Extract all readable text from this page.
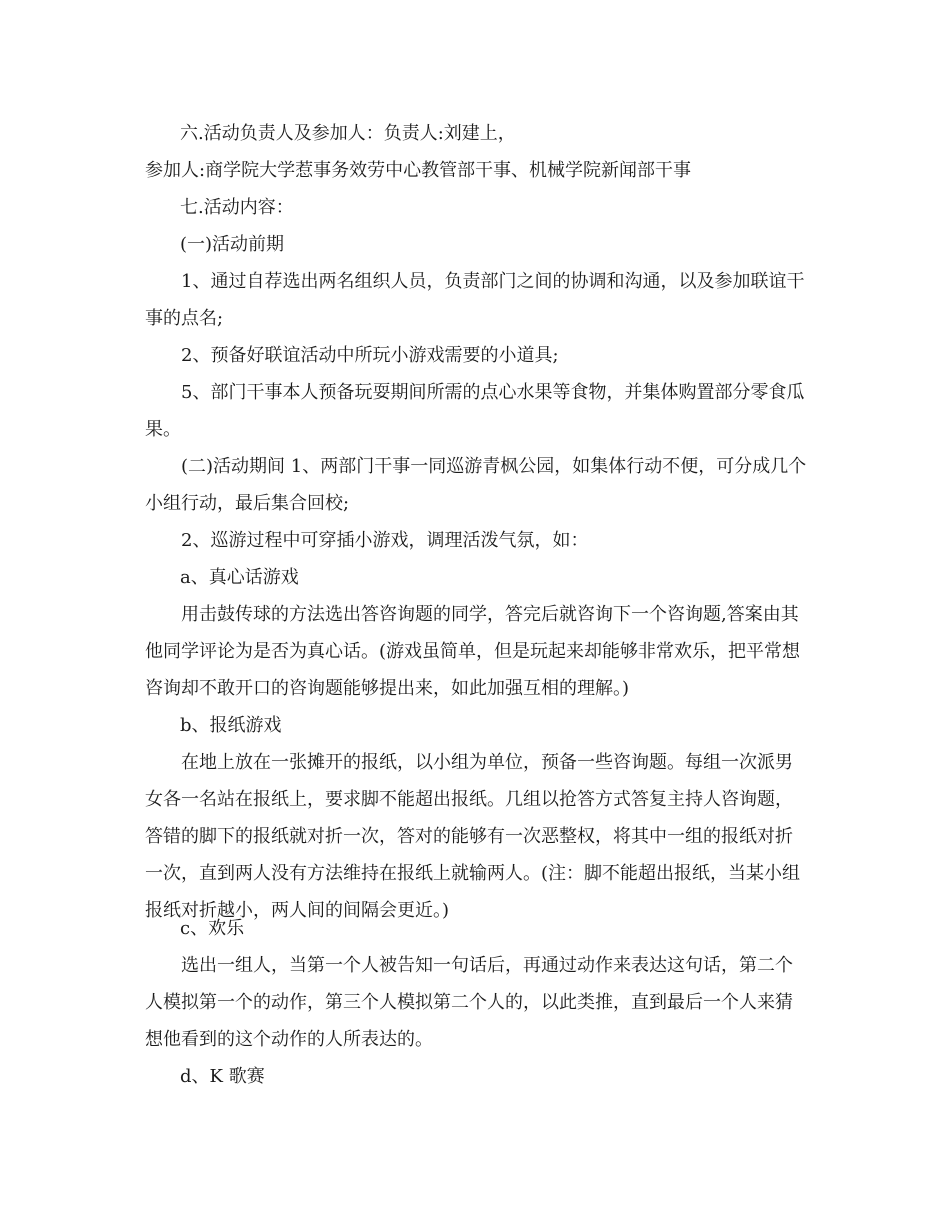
六.活动负责人及参加人：负责人:刘建上，
参加人:商学院大学惹事务效劳中心教管部干事、机械学院新闻部干事
七.活动内容：
(一)活动前期
1、通过自荐选出两名组织人员，负责部门之间的协调和沟通，以及参加联谊干事的点名;
2、预备好联谊活动中所玩小游戏需要的小道具;
5、部门干事本人预备玩耍期间所需的点心水果等食物，并集体购置部分零食瓜果。
(二)活动期间 1、两部门干事一同巡游青枫公园，如集体行动不便，可分成几个小组行动，最后集合回校;
2、巡游过程中可穿插小游戏，调理活泼气氛，如：
a、真心话游戏
用击鼓传球的方法选出答咨询题的同学，答完后就咨询下一个咨询题,答案由其他同学评论为是否为真心话。(游戏虽简单，但是玩起来却能够非常欢乐，把平常想咨询却不敢开口的咨询题能够提出来，如此加强互相的理解。)
b、报纸游戏
在地上放在一张摊开的报纸，以小组为单位，预备一些咨询题。每组一次派男女各一名站在报纸上，要求脚不能超出报纸。几组以抢答方式答复主持人咨询题，答错的脚下的报纸就对折一次，答对的能够有一次恶整权，将其中一组的报纸对折一次，直到两人没有方法维持在报纸上就输两人。(注：脚不能超出报纸，当某小组报纸对折越小，两人间的间隔会更近。)
c、欢乐
选出一组人，当第一个人被告知一句话后，再通过动作来表达这句话，第二个人模拟第一个的动作，第三个人模拟第二个人的，以此类推，直到最后一个人来猜想他看到的这个动作的人所表达的。
d、K 歌赛
